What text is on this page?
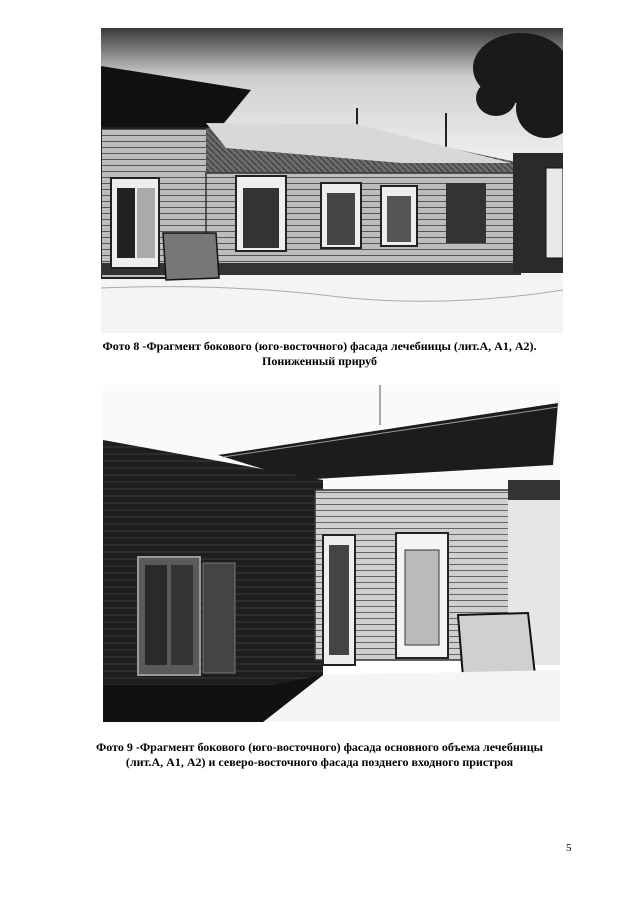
Фото 8 -Фрагмент бокового (юго-восточного) фасада лечебницы (лит.А, А1, А2).
Пониженный прируб
Фото 9 -Фрагмент бокового (юго-восточного) фасада основного объема лечебницы
(лит.А, А1, А2) и северо-восточного фасада позднего входного пристроя
5
